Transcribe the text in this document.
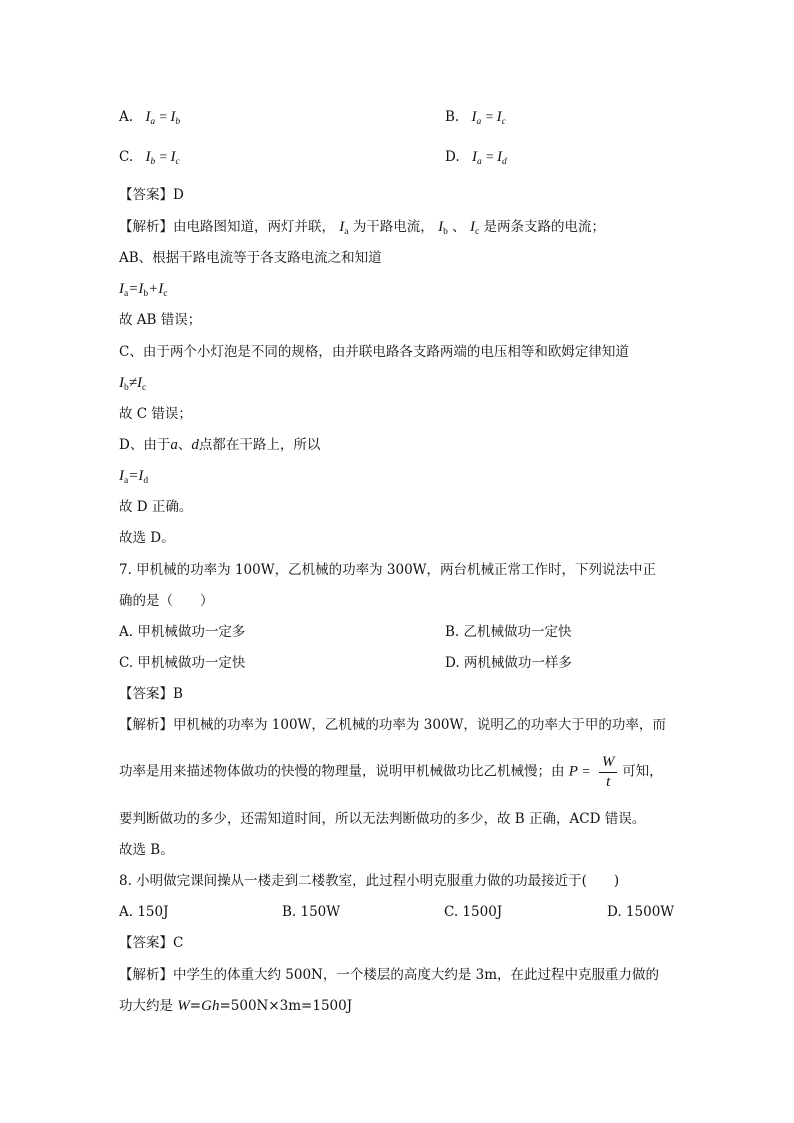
A. $I_a = I_b$	B. $I_a = I_c$
C. $I_b = I_c$	D. $I_a = I_d$
【答案】D
【解析】由电路图知道，两灯并联， $I_a$ 为干路电流， $I_b$ 、 $I_c$ 是两条支路的电流；
AB、根据干路电流等于各支路电流之和知道
$I_a=I_b+I_c$
故 AB 错误；
C、由于两个小灯泡是不同的规格，由并联电路各支路两端的电压相等和欧姆定律知道
$I_b\ne I_c$
故 C 错误；
D、由于a、d点都在干路上，所以
$I_a=I_d$
故 D 正确。
故选 D。
7. 甲机械的功率为 100W，乙机械的功率为 300W，两台机械正常工作时，下列说法中正
确的是（　　）
A. 甲机械做功一定多	B. 乙机械做功一定快
C. 甲机械做功一定快	D. 两机械做功一样多
【答案】B
【解析】甲机械的功率为 100W，乙机械的功率为 300W，说明乙的功率大于甲的功率，而
功率是用来描述物体做功的快慢的物理量，说明甲机械做功比乙机械慢；由 $P = \frac{W}{t}$ 可知，
要判断做功的多少，还需知道时间，所以无法判断做功的多少，故 B 正确，ACD 错误。
故选 B。
8. 小明做完课间操从一楼走到二楼教室，此过程小明克服重力做的功最接近于(　　)
A. 150J	B. 150W	C. 1500J	D. 1500W
【答案】C
【解析】中学生的体重大约 500N，一个楼层的高度大约是 3m，在此过程中克服重力做的
功大约是 W=Gh=500N×3m=1500J
